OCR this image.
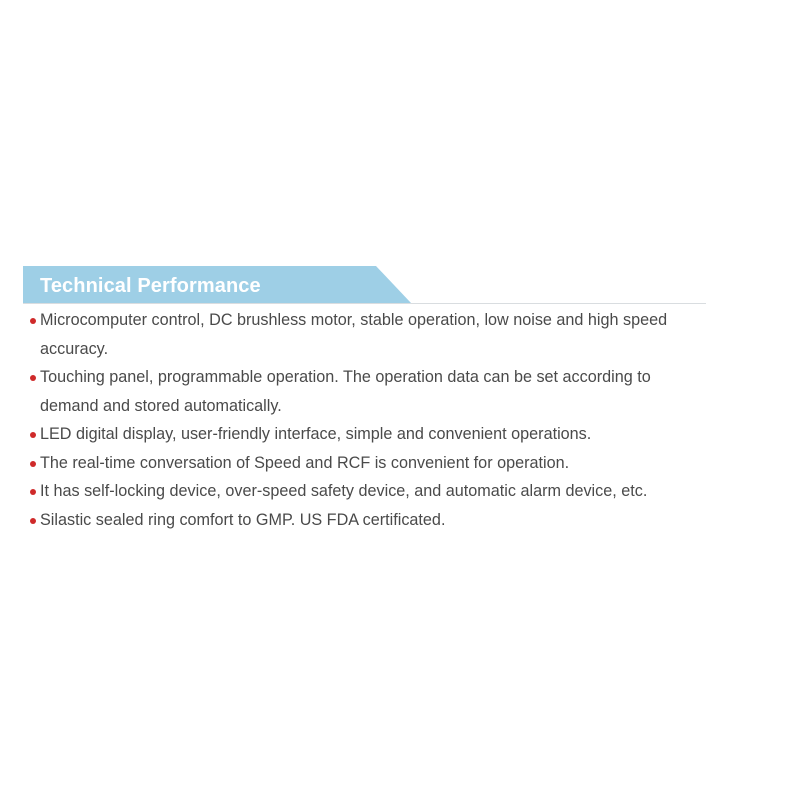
Technical Performance
Microcomputer control, DC brushless motor, stable operation, low noise and high speed accuracy.
Touching panel, programmable operation. The operation data can be set according to demand and stored automatically.
LED digital display, user-friendly interface, simple and convenient operations.
The real-time conversation of Speed and RCF is convenient for operation.
It has self-locking device, over-speed safety device, and automatic alarm device, etc.
Silastic sealed ring comfort to GMP. US FDA certificated.
